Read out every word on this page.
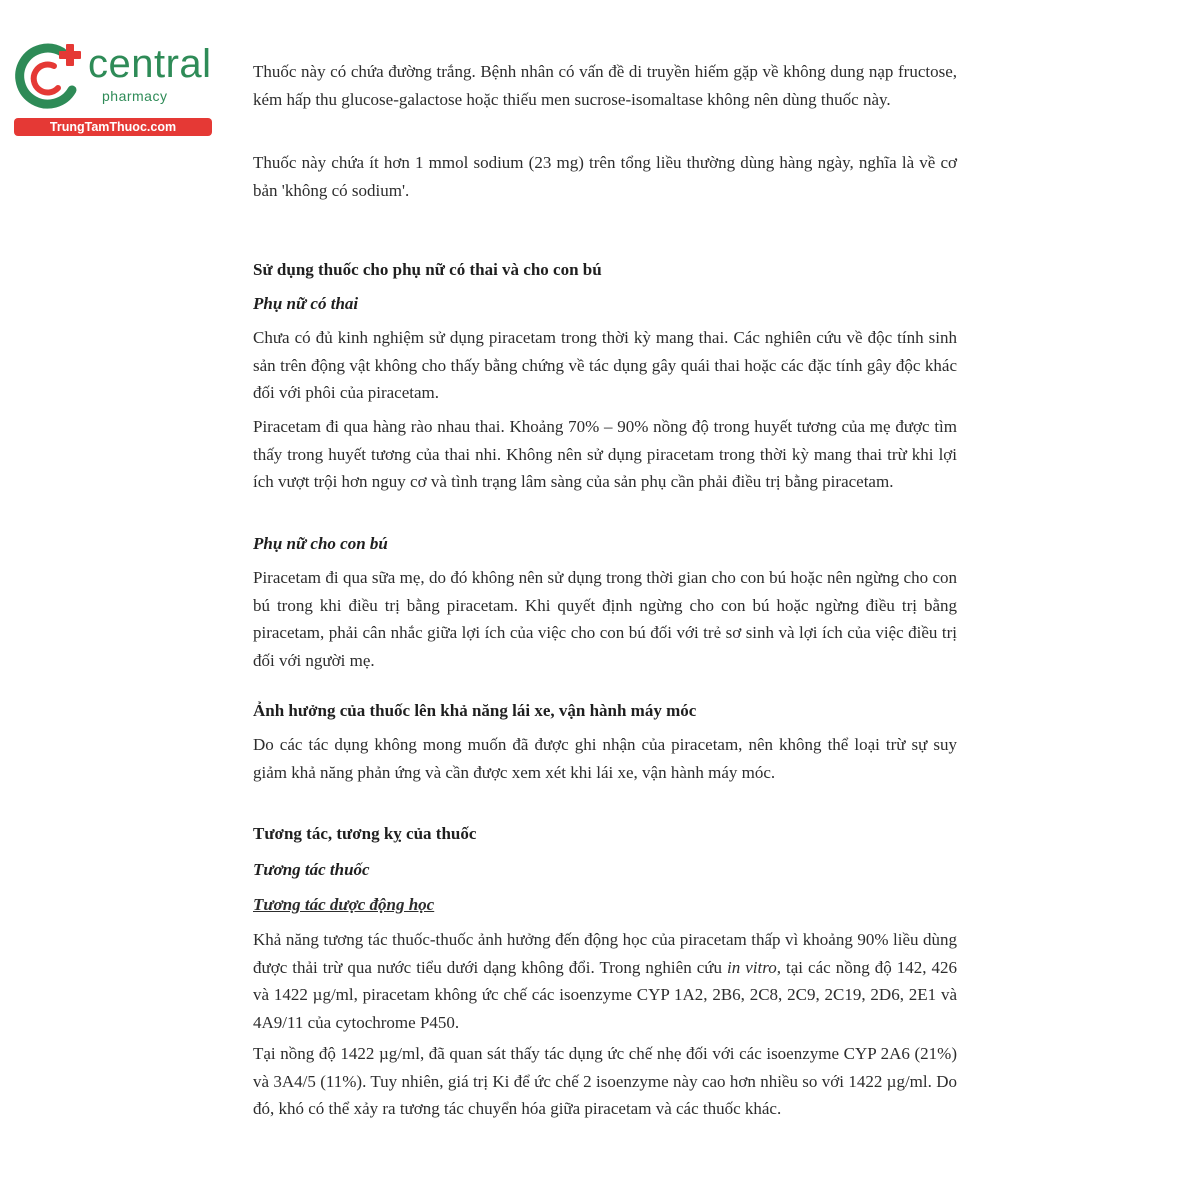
central
pharmacy
TrungTamThuoc.com

Thuốc này có chứa đường trắng. Bệnh nhân có vấn đề di truyền hiếm gặp về không dung nạp fructose, kém hấp thu glucose-galactose hoặc thiếu men sucrose-isomaltase không nên dùng thuốc này.

Thuốc này chứa ít hơn 1 mmol sodium (23 mg) trên tổng liều thường dùng hàng ngày, nghĩa là về cơ bản 'không có sodium'.

Sử dụng thuốc cho phụ nữ có thai và cho con bú
Phụ nữ có thai

Chưa có đủ kinh nghiệm sử dụng piracetam trong thời kỳ mang thai. Các nghiên cứu về độc tính sinh sản trên động vật không cho thấy bằng chứng về tác dụng gây quái thai hoặc các đặc tính gây độc khác đối với phôi của piracetam.

Piracetam đi qua hàng rào nhau thai. Khoảng 70% – 90% nồng độ trong huyết tương của mẹ được tìm thấy trong huyết tương của thai nhi. Không nên sử dụng piracetam trong thời kỳ mang thai trừ khi lợi ích vượt trội hơn nguy cơ và tình trạng lâm sàng của sản phụ cần phải điều trị bằng piracetam.

Phụ nữ cho con bú

Piracetam đi qua sữa mẹ, do đó không nên sử dụng trong thời gian cho con bú hoặc nên ngừng cho con bú trong khi điều trị bằng piracetam. Khi quyết định ngừng cho con bú hoặc ngừng điều trị bằng piracetam, phải cân nhắc giữa lợi ích của việc cho con bú đối với trẻ sơ sinh và lợi ích của việc điều trị đối với người mẹ.

Ảnh hưởng của thuốc lên khả năng lái xe, vận hành máy móc

Do các tác dụng không mong muốn đã được ghi nhận của piracetam, nên không thể loại trừ sự suy giảm khả năng phản ứng và cần được xem xét khi lái xe, vận hành máy móc.

Tương tác, tương kỵ của thuốc
Tương tác thuốc
Tương tác dược động học

Khả năng tương tác thuốc-thuốc ảnh hưởng đến động học của piracetam thấp vì khoảng 90% liều dùng được thải trừ qua nước tiểu dưới dạng không đổi. Trong nghiên cứu in vitro, tại các nồng độ 142, 426 và 1422 µg/ml, piracetam không ức chế các isoenzyme CYP 1A2, 2B6, 2C8, 2C9, 2C19, 2D6, 2E1 và 4A9/11 của cytochrome P450.

Tại nồng độ 1422 µg/ml, đã quan sát thấy tác dụng ức chế nhẹ đối với các isoenzyme CYP 2A6 (21%) và 3A4/5 (11%). Tuy nhiên, giá trị Ki để ức chế 2 isoenzyme này cao hơn nhiều so với 1422 µg/ml. Do đó, khó có thể xảy ra tương tác chuyển hóa giữa piracetam và các thuốc khác.
